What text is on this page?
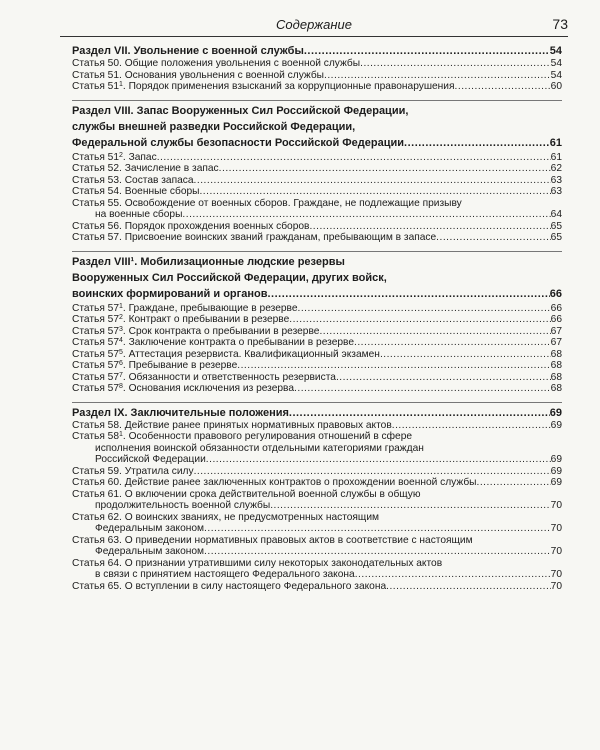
Содержание	73
Раздел VII. Увольнение с военной службы .....	54
Статья 50. Общие положения увольнения с военной службы .....	54
Статья 51. Основания увольнения с военной службы .....	54
Статья $51^1$. Порядок применения взысканий за коррупционные правонарушения .....	60
Раздел VIII. Запас Вооруженных Сил Российской Федерации,
службы внешней разведки Российской Федерации,
Федеральной службы безопасности Российской Федерации .....	61
Статья $51^2$. Запас .....	61
Статья 52. Зачисление в запас .....	62
Статья 53. Состав запаса .....	63
Статья 54. Военные сборы .....	63
Статья 55. Освобождение от военных сборов. Граждане, не подлежащие призыву
на военные сборы .....	64
Статья 56. Порядок прохождения военных сборов .....	65
Статья 57. Присвоение воинских званий гражданам, пребывающим в запасе .....	65
Раздел VIII¹. Мобилизационные людские резервы
Вооруженных Сил Российской Федерации, других войск,
воинских формирований и органов .....	66
Статья $57^1$. Граждане, пребывающие в резерве .....	66
Статья $57^2$. Контракт о пребывании в резерве .....	66
Статья $57^3$. Срок контракта о пребывании в резерве .....	67
Статья $57^4$. Заключение контракта о пребывании в резерве .....	67
Статья $57^5$. Аттестация резервиста. Квалификационный экзамен .....	68
Статья $57^6$. Пребывание в резерве .....	68
Статья $57^7$. Обязанности и ответственность резервиста .....	68
Статья $57^8$. Основания исключения из резерва .....	68
Раздел IX. Заключительные положения .....	69
Статья 58. Действие ранее принятых нормативных правовых актов .....	69
Статья $58^1$. Особенности правового регулирования отношений в сфере
исполнения воинской обязанности отдельными категориями граждан
Российской Федерации .....	69
Статья 59. Утратила силу .....	69
Статья 60. Действие ранее заключенных контрактов о прохождении военной службы .....	69
Статья 61. О включении срока действительной военной службы в общую
продолжительность военной службы .....	70
Статья 62. О воинских званиях, не предусмотренных настоящим
Федеральным законом .....	70
Статья 63. О приведении нормативных правовых актов в соответствие с настоящим
Федеральным законом .....	70
Статья 64. О признании утратившими силу некоторых законодательных актов
в связи с принятием настоящего Федерального закона .....	70
Статья 65. О вступлении в силу настоящего Федерального закона .....	70
